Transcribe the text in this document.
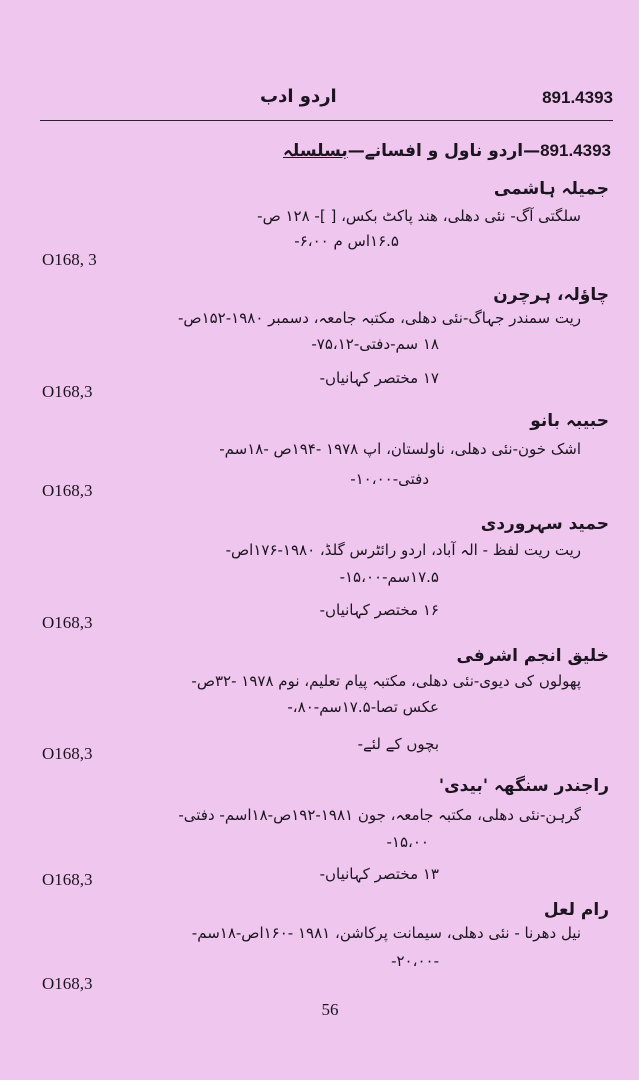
اردو ادب	891.4393
891.4393—اردو ناول و افسانے—بسلسلہ
جمیلہ ہاشمی
سلگتی آگ- نئی دھلی، ھند پاکٹ بکس، [ ]- ۱۲۸ ص-
۱۶.۵اس م ۶،۰۰-
O168, 3
چاؤلہ، ہرچرن
ریت سمندر جہاگ-نئی دھلی، مکتبہ جامعہ، دسمبر ۱۹۸۰-۱۵۲ص-
۱۸ سم-دفتی-۷۵،۱۲-
۱۷ مختصر کہانیاں-
O168,3
حبیبہ بانو
اشک خون-نئی دھلی، ناولستان، اپ ۱۹۷۸ -۱۹۴ص -۱۸سم-
دفتی-۱۰،۰۰-
O168,3
حمید سہروردی
ریت ریت لفظ - الہ آباد، اردو رائٹرس گلڈ، ۱۹۸۰-۱۷۶اص-
۱۷.۵سم-۱۵،۰۰-
۱۶ مختصر کہانیاں-
O168,3
خلیق انجم اشرفی
پھولوں کی دیوی-نئی دھلی، مکتبہ پیام تعلیم، نوم ۱۹۷۸ -۳۲ص-
عکس تصا-۱۷.۵سم-۸۰،-
بچوں کے لئے-
O168,3
راجندر سنگھہ 'بیدی'
گرہن-نئی دھلی، مکتبہ جامعہ، جون ۱۹۸۱-۱۹۲ص-۱۸اسم- دفتی-
۱۵،۰۰-
۱۳ مختصر کہانیاں-
O168,3
رام لعل
نیل دھرنا - نئی دھلی، سیمانت پرکاشن، ۱۹۸۱ -۱۶۰اص-۱۸سم-
-۲۰،۰۰-
O168,3
56
